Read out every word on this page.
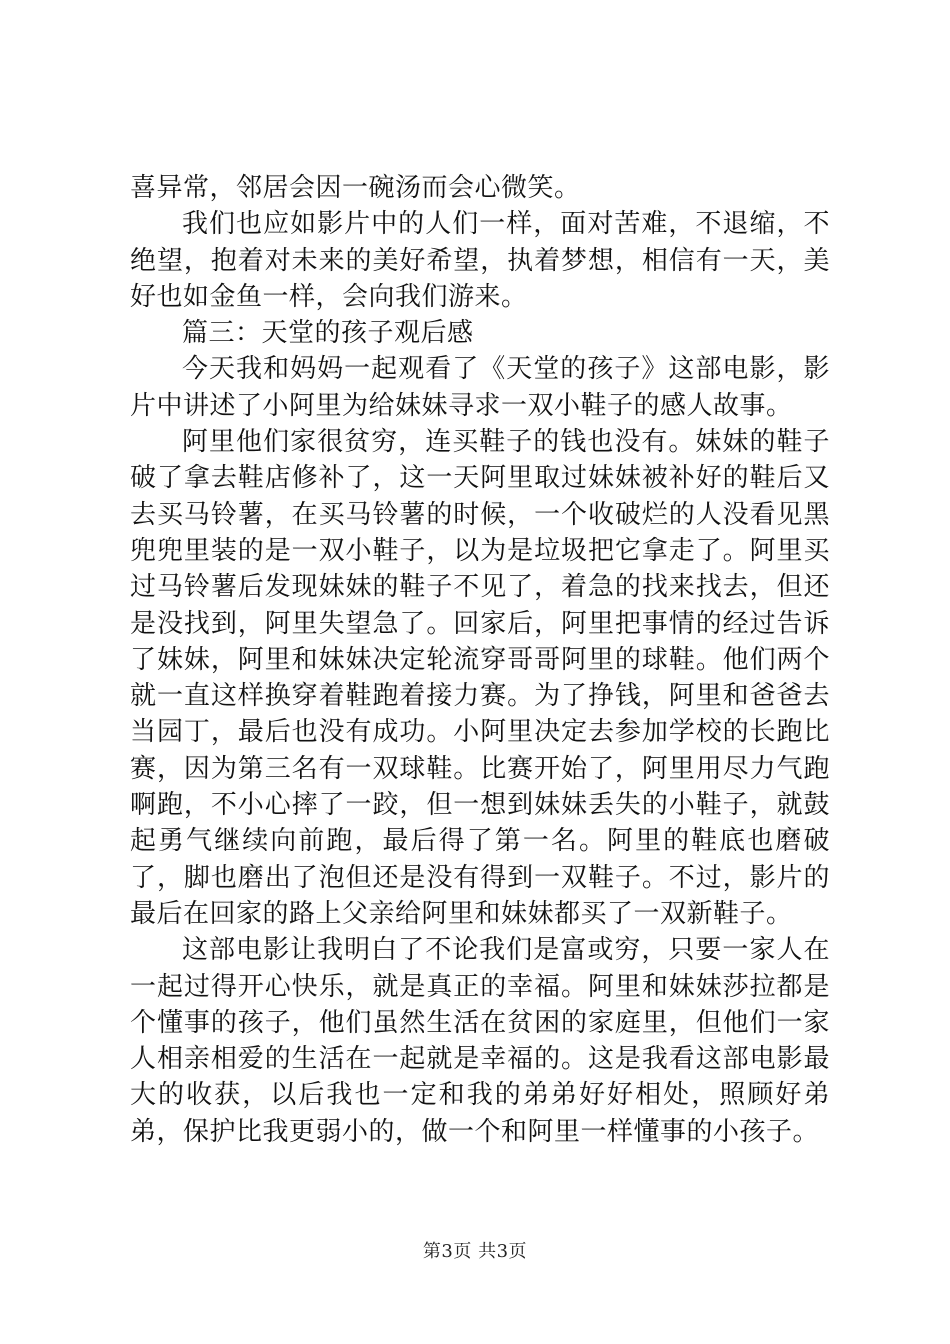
喜异常，邻居会因一碗汤而会心微笑。

我们也应如影片中的人们一样，面对苦难，不退缩，不绝望，抱着对未来的美好希望，执着梦想，相信有一天，美好也如金鱼一样，会向我们游来。

篇三：天堂的孩子观后感

今天我和妈妈一起观看了《天堂的孩子》这部电影，影片中讲述了小阿里为给妹妹寻求一双小鞋子的感人故事。

阿里他们家很贫穷，连买鞋子的钱也没有。妹妹的鞋子破了拿去鞋店修补了，这一天阿里取过妹妹被补好的鞋后又去买马铃薯，在买马铃薯的时候，一个收破烂的人没看见黑兜兜里装的是一双小鞋子，以为是垃圾把它拿走了。阿里买过马铃薯后发现妹妹的鞋子不见了，着急的找来找去，但还是没找到，阿里失望急了。回家后，阿里把事情的经过告诉了妹妹，阿里和妹妹决定轮流穿哥哥阿里的球鞋。他们两个就一直这样换穿着鞋跑着接力赛。为了挣钱，阿里和爸爸去当园丁，最后也没有成功。小阿里决定去参加学校的长跑比赛，因为第三名有一双球鞋。比赛开始了，阿里用尽力气跑啊跑，不小心摔了一跤，但一想到妹妹丢失的小鞋子，就鼓起勇气继续向前跑，最后得了第一名。阿里的鞋底也磨破了，脚也磨出了泡但还是没有得到一双鞋子。不过，影片的最后在回家的路上父亲给阿里和妹妹都买了一双新鞋子。

这部电影让我明白了不论我们是富或穷，只要一家人在一起过得开心快乐，就是真正的幸福。阿里和妹妹莎拉都是个懂事的孩子，他们虽然生活在贫困的家庭里，但他们一家人相亲相爱的生活在一起就是幸福的。这是我看这部电影最大的收获，以后我也一定和我的弟弟好好相处，照顾好弟弟，保护比我更弱小的，做一个和阿里一样懂事的小孩子。

第3页 共3页
